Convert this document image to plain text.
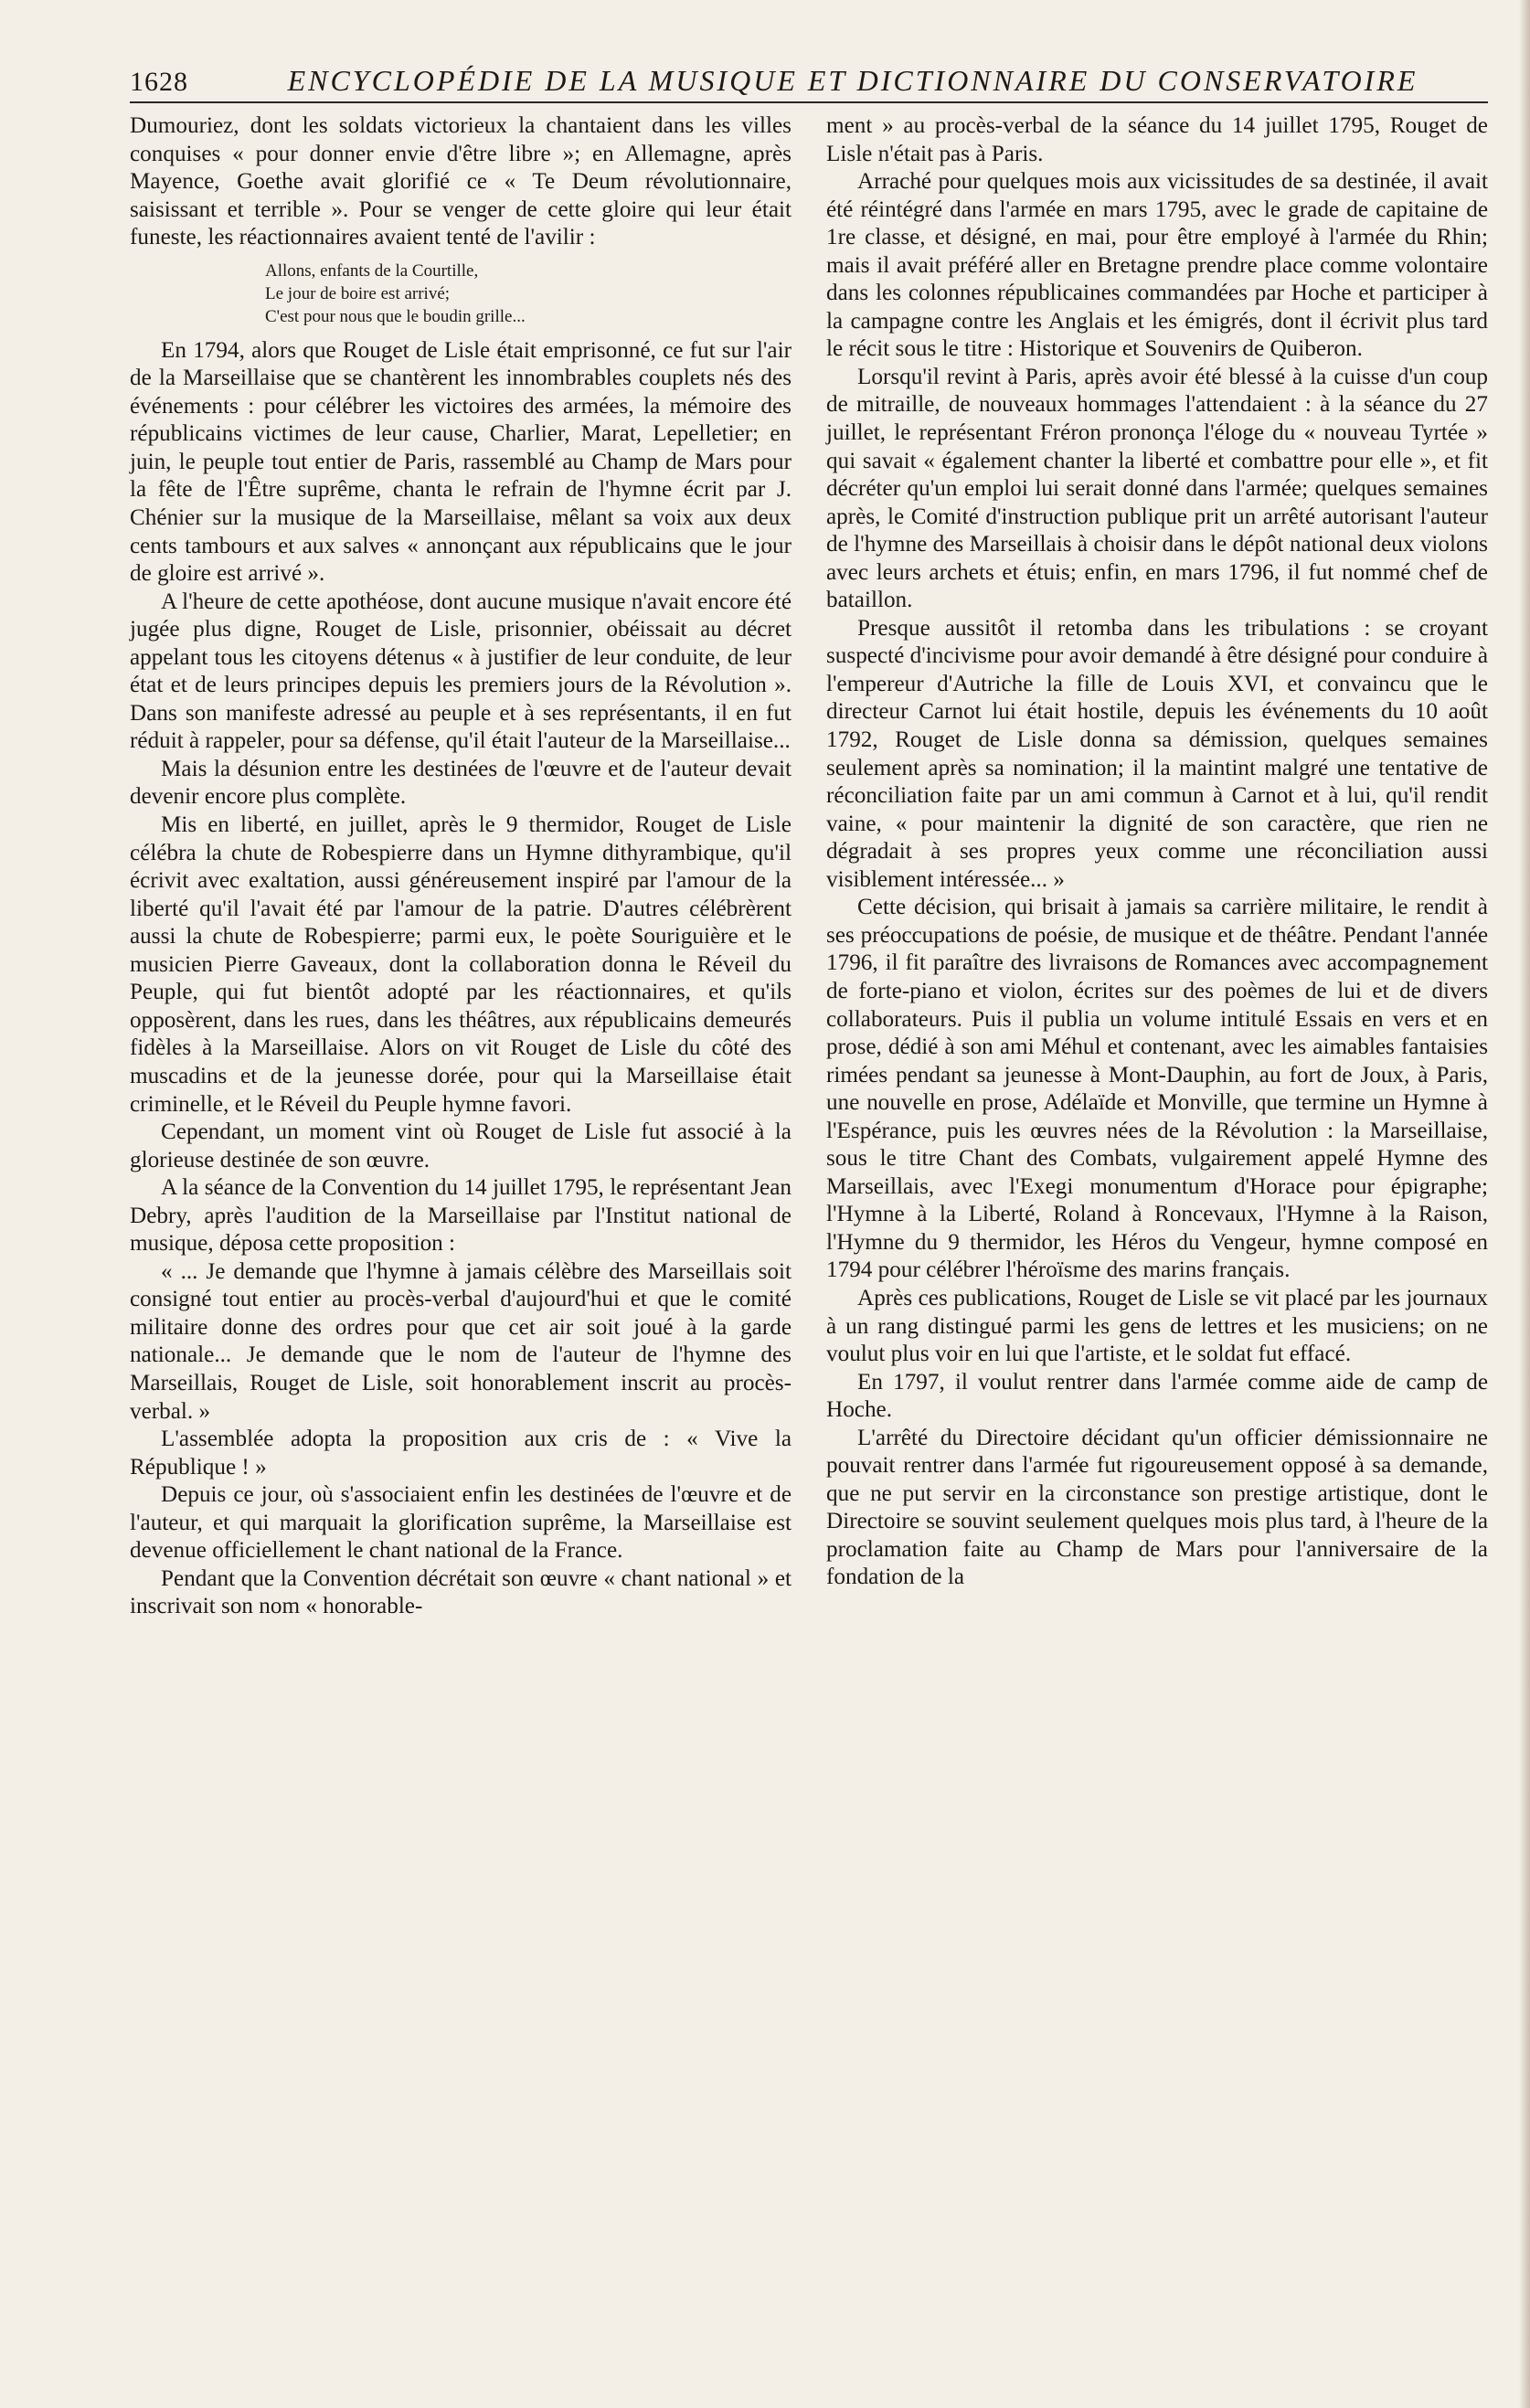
1628	ENCYCLOPÉDIE DE LA MUSIQUE ET DICTIONNAIRE DU CONSERVATOIRE

Dumouriez, dont les soldats victorieux la chantaient dans les villes conquises « pour donner envie d'être libre »; en Allemagne, après Mayence, Goethe avait glorifié ce « Te Deum révolutionnaire, saisissant et terrible ». Pour se venger de cette gloire qui leur était funeste, les réactionnaires avaient tenté de l'avilir :

Allons, enfants de la Courtille,
Le jour de boire est arrivé;
C'est pour nous que le boudin grille...

En 1794, alors que Rouget de Lisle était emprisonné, ce fut sur l'air de la Marseillaise que se chantèrent les innombrables couplets nés des événements : pour célébrer les victoires des armées, la mémoire des républicains victimes de leur cause, Charlier, Marat, Lepelletier; en juin, le peuple tout entier de Paris, rassemblé au Champ de Mars pour la fête de l'Être suprême, chanta le refrain de l'hymne écrit par J. Chénier sur la musique de la Marseillaise, mêlant sa voix aux deux cents tambours et aux salves « annonçant aux républicains que le jour de gloire est arrivé ».

A l'heure de cette apothéose, dont aucune musique n'avait encore été jugée plus digne, Rouget de Lisle, prisonnier, obéissait au décret appelant tous les citoyens détenus « à justifier de leur conduite, de leur état et de leurs principes depuis les premiers jours de la Révolution ». Dans son manifeste adressé au peuple et à ses représentants, il en fut réduit à rappeler, pour sa défense, qu'il était l'auteur de la Marseillaise...

Mais la désunion entre les destinées de l'œuvre et de l'auteur devait devenir encore plus complète.

Mis en liberté, en juillet, après le 9 thermidor, Rouget de Lisle célébra la chute de Robespierre dans un Hymne dithyrambique, qu'il écrivit avec exaltation, aussi généreusement inspiré par l'amour de la liberté qu'il l'avait été par l'amour de la patrie. D'autres célébrèrent aussi la chute de Robespierre; parmi eux, le poète Souriguière et le musicien Pierre Gaveaux, dont la collaboration donna le Réveil du Peuple, qui fut bientôt adopté par les réactionnaires, et qu'ils opposèrent, dans les rues, dans les théâtres, aux républicains demeurés fidèles à la Marseillaise. Alors on vit Rouget de Lisle du côté des muscadins et de la jeunesse dorée, pour qui la Marseillaise était criminelle, et le Réveil du Peuple hymne favori.

Cependant, un moment vint où Rouget de Lisle fut associé à la glorieuse destinée de son œuvre.

A la séance de la Convention du 14 juillet 1795, le représentant Jean Debry, après l'audition de la Marseillaise par l'Institut national de musique, déposa cette proposition :

« ... Je demande que l'hymne à jamais célèbre des Marseillais soit consigné tout entier au procès-verbal d'aujourd'hui et que le comité militaire donne des ordres pour que cet air soit joué à la garde nationale... Je demande que le nom de l'auteur de l'hymne des Marseillais, Rouget de Lisle, soit honorablement inscrit au procès-verbal. »

L'assemblée adopta la proposition aux cris de : « Vive la République ! »

Depuis ce jour, où s'associaient enfin les destinées de l'œuvre et de l'auteur, et qui marquait la glorification suprême, la Marseillaise est devenue officiellement le chant national de la France.

Pendant que la Convention décrétait son œuvre « chant national » et inscrivait son nom « honorable-

ment » au procès-verbal de la séance du 14 juillet 1795, Rouget de Lisle n'était pas à Paris.

Arraché pour quelques mois aux vicissitudes de sa destinée, il avait été réintégré dans l'armée en mars 1795, avec le grade de capitaine de 1re classe, et désigné, en mai, pour être employé à l'armée du Rhin; mais il avait préféré aller en Bretagne prendre place comme volontaire dans les colonnes républicaines commandées par Hoche et participer à la campagne contre les Anglais et les émigrés, dont il écrivit plus tard le récit sous le titre : Historique et Souvenirs de Quiberon.

Lorsqu'il revint à Paris, après avoir été blessé à la cuisse d'un coup de mitraille, de nouveaux hommages l'attendaient : à la séance du 27 juillet, le représentant Fréron prononça l'éloge du « nouveau Tyrtée » qui savait « également chanter la liberté et combattre pour elle », et fit décréter qu'un emploi lui serait donné dans l'armée; quelques semaines après, le Comité d'instruction publique prit un arrêté autorisant l'auteur de l'hymne des Marseillais à choisir dans le dépôt national deux violons avec leurs archets et étuis; enfin, en mars 1796, il fut nommé chef de bataillon.

Presque aussitôt il retomba dans les tribulations : se croyant suspecté d'incivisme pour avoir demandé à être désigné pour conduire à l'empereur d'Autriche la fille de Louis XVI, et convaincu que le directeur Carnot lui était hostile, depuis les événements du 10 août 1792, Rouget de Lisle donna sa démission, quelques semaines seulement après sa nomination; il la maintint malgré une tentative de réconciliation faite par un ami commun à Carnot et à lui, qu'il rendit vaine, « pour maintenir la dignité de son caractère, que rien ne dégradait à ses propres yeux comme une réconciliation aussi visiblement intéressée... »

Cette décision, qui brisait à jamais sa carrière militaire, le rendit à ses préoccupations de poésie, de musique et de théâtre. Pendant l'année 1796, il fit paraître des livraisons de Romances avec accompagnement de forte-piano et violon, écrites sur des poèmes de lui et de divers collaborateurs. Puis il publia un volume intitulé Essais en vers et en prose, dédié à son ami Méhul et contenant, avec les aimables fantaisies rimées pendant sa jeunesse à Mont-Dauphin, au fort de Joux, à Paris, une nouvelle en prose, Adélaïde et Monville, que termine un Hymne à l'Espérance, puis les œuvres nées de la Révolution : la Marseillaise, sous le titre Chant des Combats, vulgairement appelé Hymne des Marseillais, avec l'Exegi monumentum d'Horace pour épigraphe; l'Hymne à la Liberté, Roland à Roncevaux, l'Hymne à la Raison, l'Hymne du 9 thermidor, les Héros du Vengeur, hymne composé en 1794 pour célébrer l'héroïsme des marins français.

Après ces publications, Rouget de Lisle se vit placé par les journaux à un rang distingué parmi les gens de lettres et les musiciens; on ne voulut plus voir en lui que l'artiste, et le soldat fut effacé.

En 1797, il voulut rentrer dans l'armée comme aide de camp de Hoche.

L'arrêté du Directoire décidant qu'un officier démissionnaire ne pouvait rentrer dans l'armée fut rigoureusement opposé à sa demande, que ne put servir en la circonstance son prestige artistique, dont le Directoire se souvint seulement quelques mois plus tard, à l'heure de la proclamation faite au Champ de Mars pour l'anniversaire de la fondation de la
